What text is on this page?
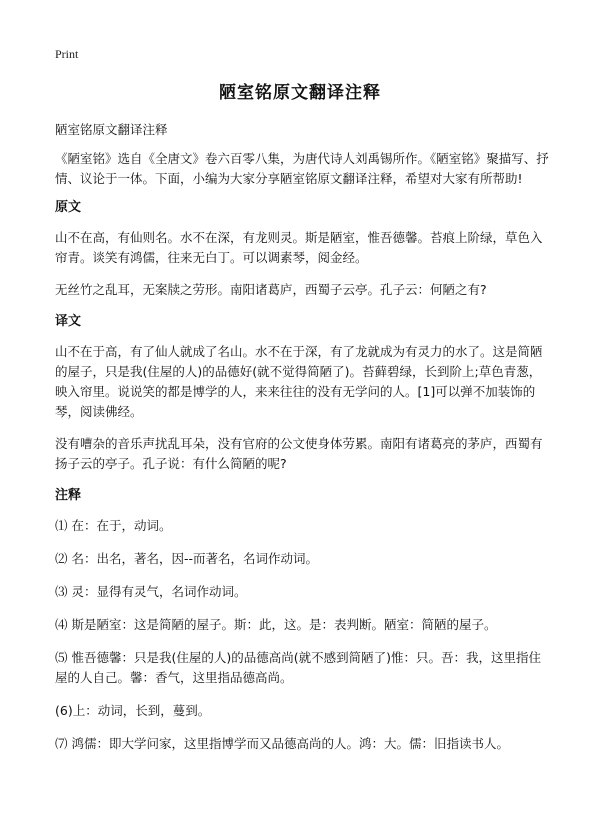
Print
陋室铭原文翻译注释

陋室铭原文翻译注释

《陋室铭》选自《全唐文》卷六百零八集，为唐代诗人刘禹锡所作。《陋室铭》聚描写、抒情、议论于一体。下面，小编为大家分享陋室铭原文翻译注释，希望对大家有所帮助!

原文

山不在高，有仙则名。水不在深，有龙则灵。斯是陋室，惟吾德馨。苔痕上阶绿，草色入帘青。谈笑有鸿儒，往来无白丁。可以调素琴，阅金经。

无丝竹之乱耳，无案牍之劳形。南阳诸葛庐，西蜀子云亭。孔子云：何陋之有?

译文

山不在于高，有了仙人就成了名山。水不在于深，有了龙就成为有灵力的水了。这是简陋的屋子，只是我(住屋的人)的品德好(就不觉得简陋了)。苔藓碧绿，长到阶上;草色青葱，映入帘里。说说笑的都是博学的人，来来往往的没有无学问的人。[1]可以弹不加装饰的琴，阅读佛经。

没有嘈杂的音乐声扰乱耳朵，没有官府的公文使身体劳累。南阳有诸葛亮的茅庐，西蜀有扬子云的亭子。孔子说：有什么简陋的呢?

注释

⑴ 在：在于，动词。

⑵ 名：出名，著名，因--而著名，名词作动词。

⑶ 灵：显得有灵气，名词作动词。

⑷ 斯是陋室：这是简陋的屋子。斯：此，这。是：表判断。陋室：简陋的屋子。

⑸ 惟吾德馨：只是我(住屋的人)的品德高尚(就不感到简陋了)惟：只。吾：我，这里指住屋的人自己。馨：香气，这里指品德高尚。

(6)上：动词，长到，蔓到。

⑺ 鸿儒：即大学问家，这里指博学而又品德高尚的人。鸿：大。儒：旧指读书人。
